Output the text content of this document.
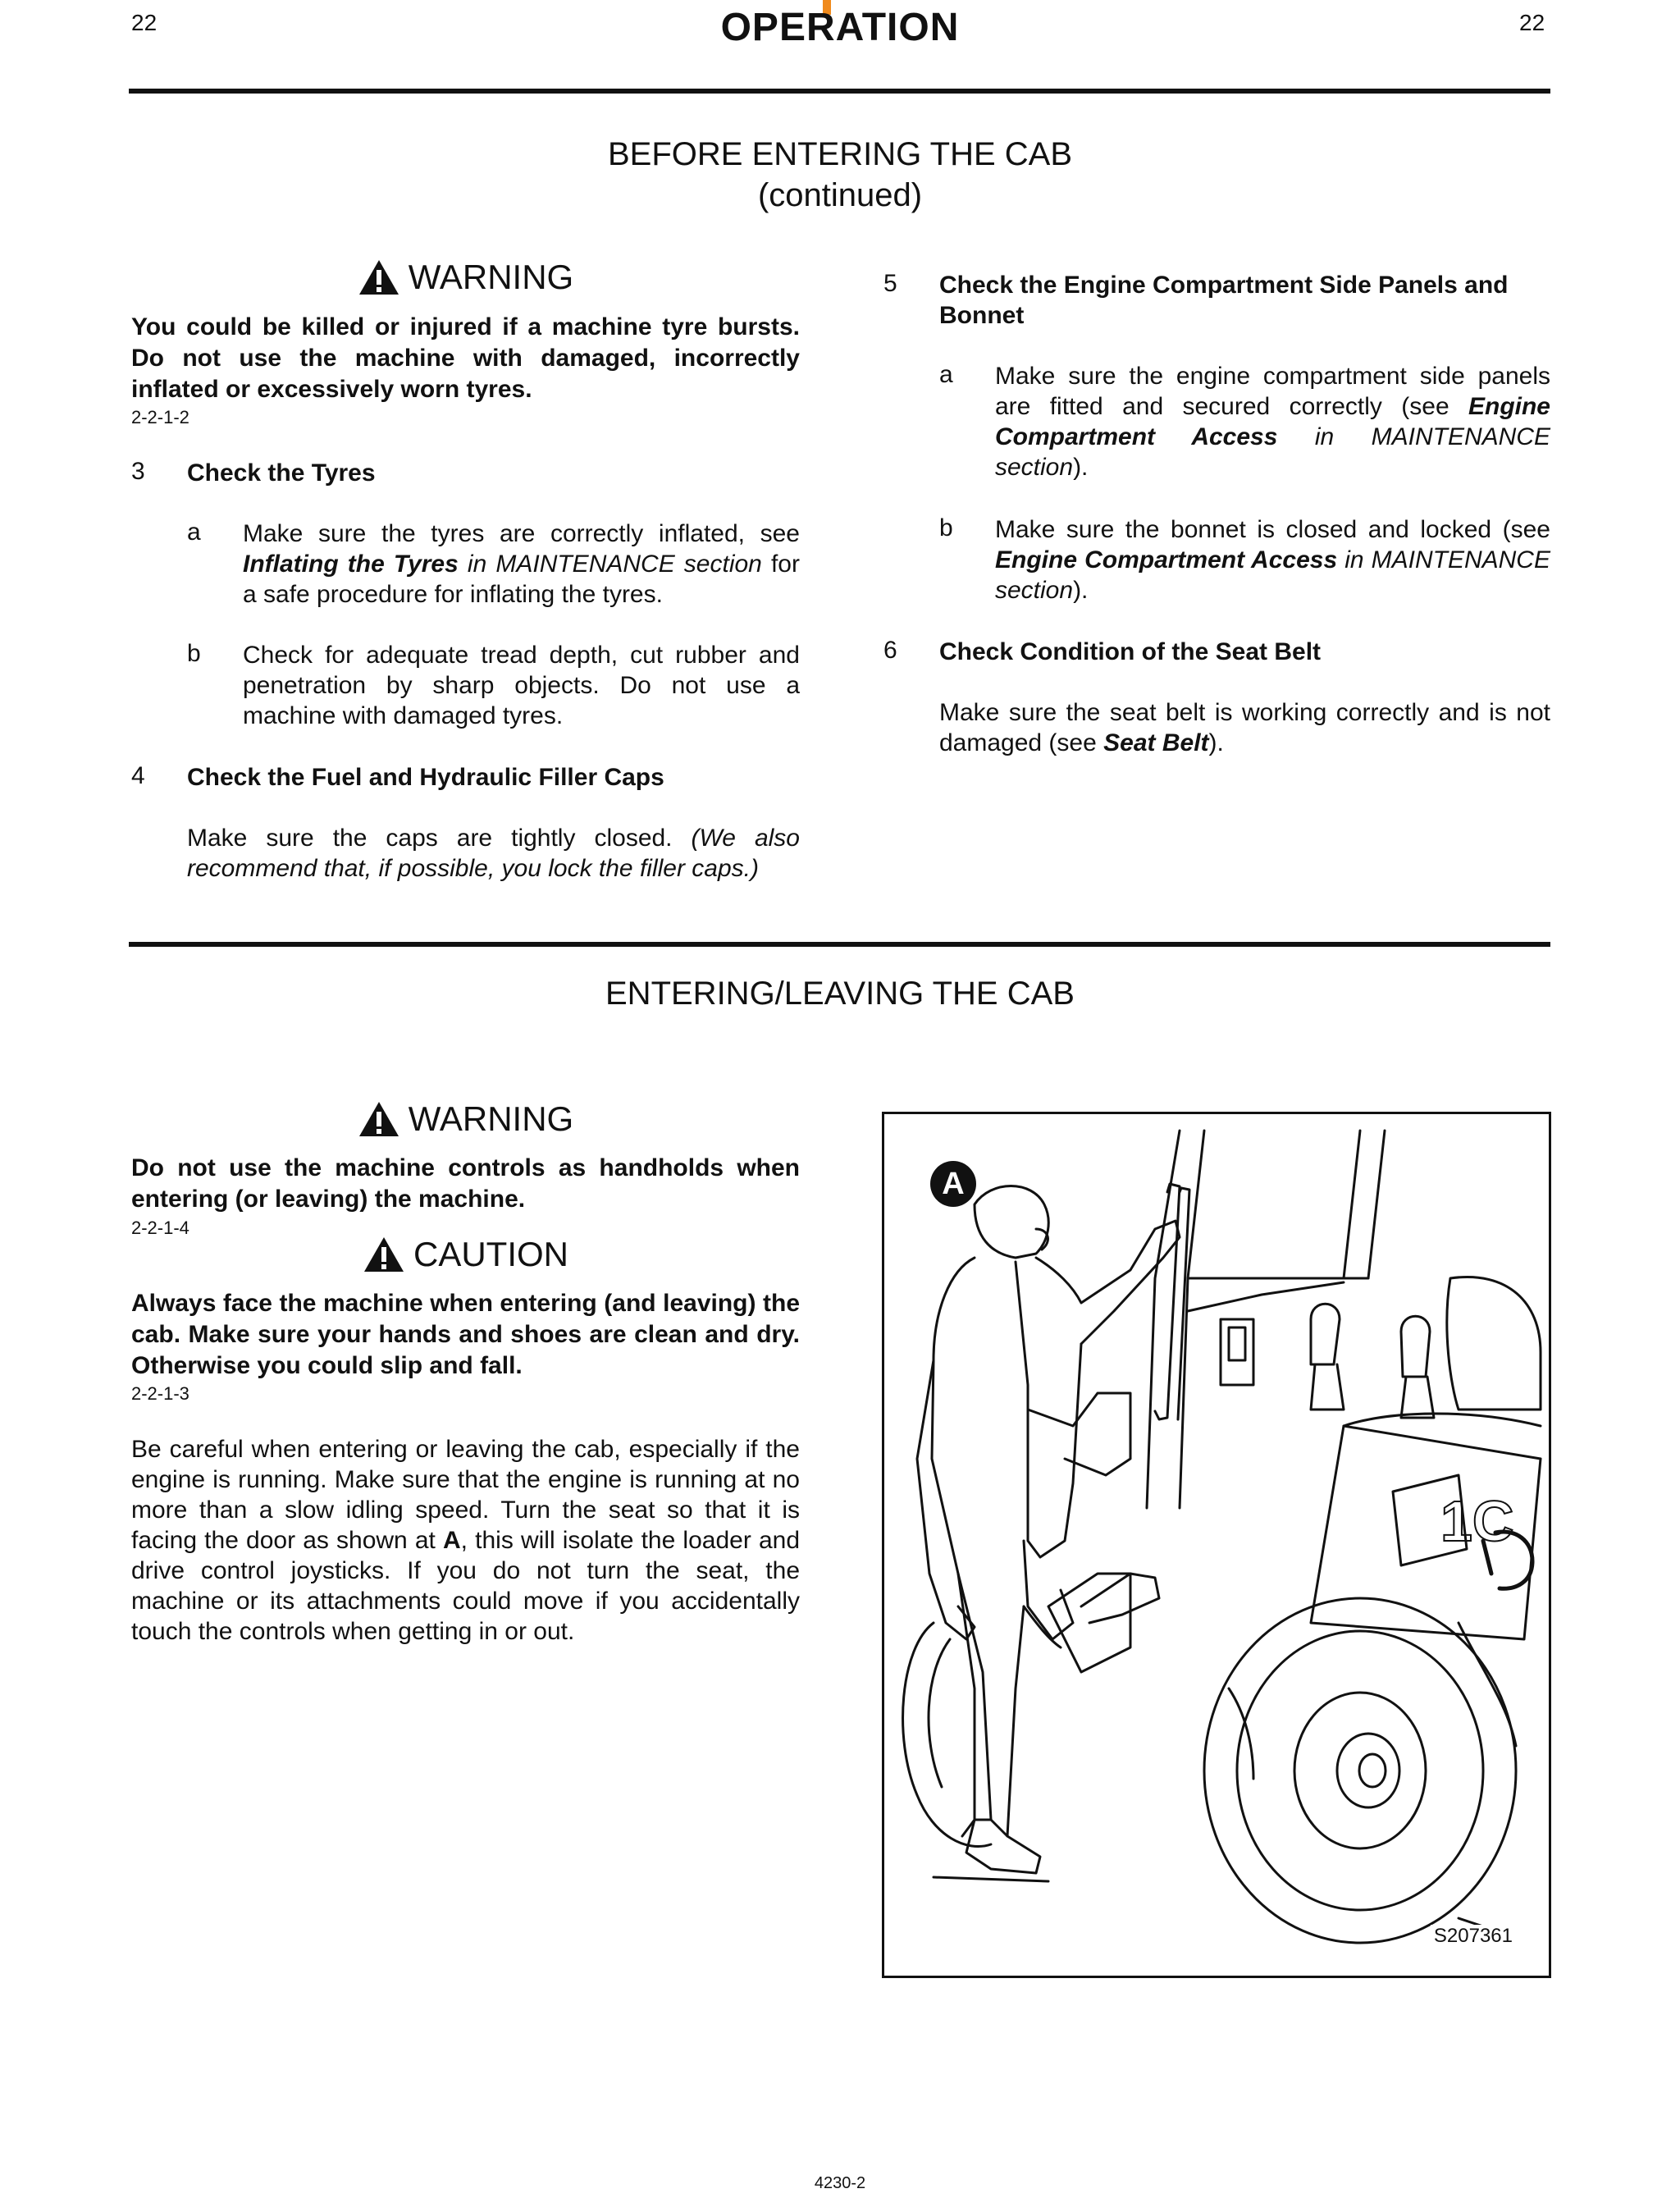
22	OPERATION	22
BEFORE ENTERING THE CAB
(continued)
WARNING
You could be killed or injured if a machine tyre bursts. Do not use the machine with damaged, incorrectly inflated or excessively worn tyres.
2-2-1-2
3 Check the Tyres
a Make sure the tyres are correctly inflated, see Inflating the Tyres in MAINTENANCE section for a safe procedure for inflating the tyres.
b Check for adequate tread depth, cut rubber and penetration by sharp objects. Do not use a machine with damaged tyres.
4 Check the Fuel and Hydraulic Filler Caps
Make sure the caps are tightly closed. (We also recommend that, if possible, you lock the filler caps.)
5 Check the Engine Compartment Side Panels and Bonnet
a Make sure the engine compartment side panels are fitted and secured correctly (see Engine Compartment Access in MAINTENANCE section).
b Make sure the bonnet is closed and locked (see Engine Compartment Access in MAINTENANCE section).
6 Check Condition of the Seat Belt
Make sure the seat belt is working correctly and is not damaged (see Seat Belt).
ENTERING/LEAVING THE CAB
WARNING
Do not use the machine controls as handholds when entering (or leaving) the machine.
2-2-1-4
CAUTION
Always face the machine when entering (and leaving) the cab. Make sure your hands and shoes are clean and dry. Otherwise you could slip and fall.
2-2-1-3
Be careful when entering or leaving the cab, especially if the engine is running. Make sure that the engine is running at no more than a slow idling speed. Turn the seat so that it is facing the door as shown at A, this will isolate the loader and drive control joysticks. If you do not turn the seat, the machine or its attachments could move if you accidentally touch the controls when getting in or out.
1C
A
S207361
4230-2
